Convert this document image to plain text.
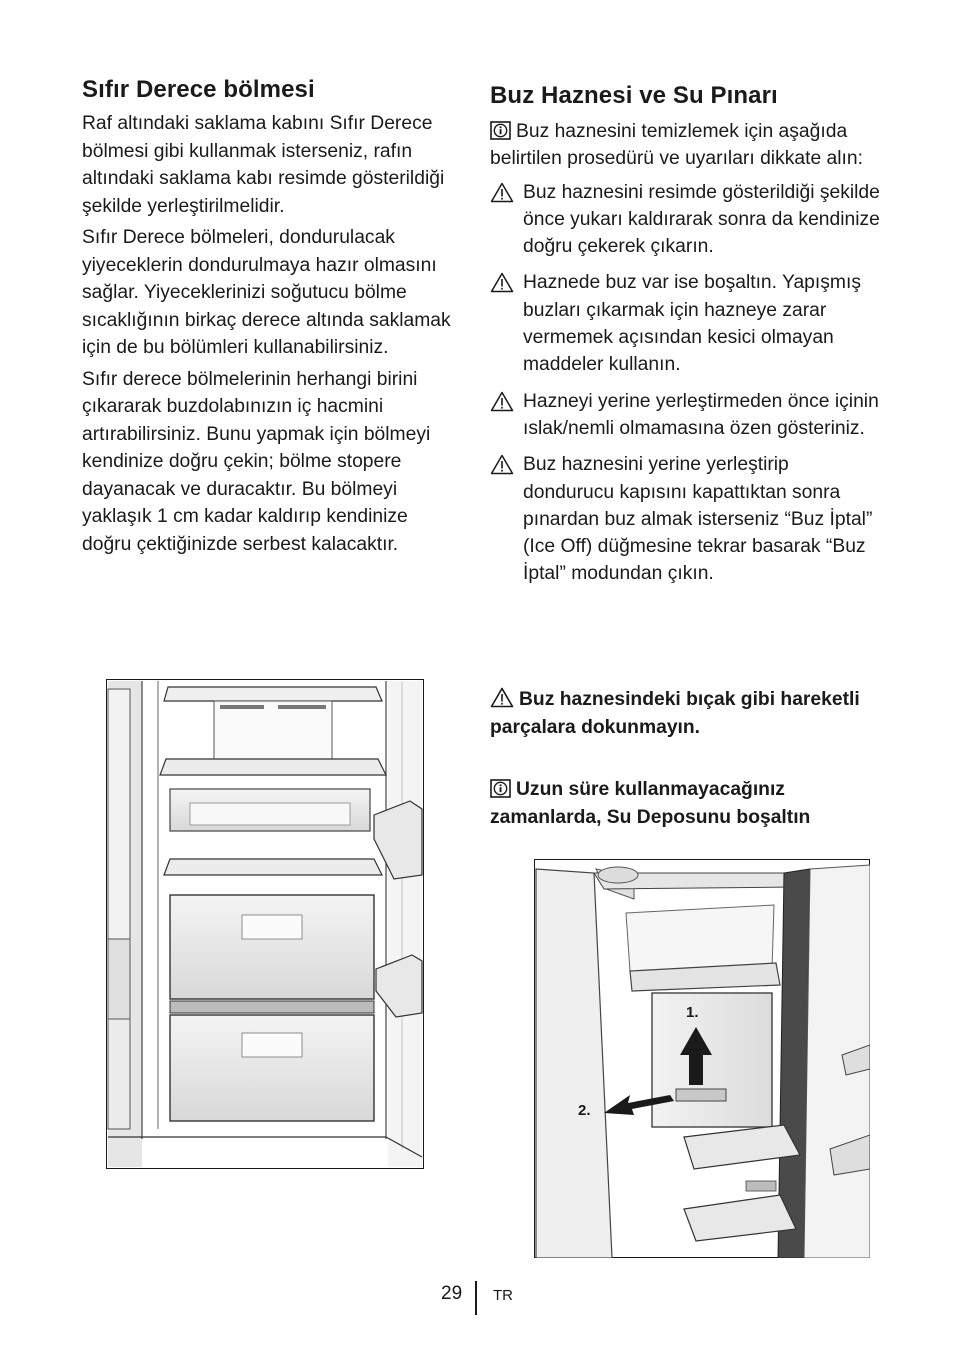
Sıfır Derece bölmesi

Raf altındaki saklama kabını Sıfır Derece bölmesi gibi kullanmak isterseniz, rafın altındaki saklama kabı resimde gösterildiği şekilde yerleştirilmelidir.

Sıfır Derece bölmeleri, dondurulacak yiyeceklerin dondurulmaya hazır olmasını sağlar. Yiyeceklerinizi soğutucu bölme sıcaklığının birkaç derece altında saklamak için de bu bölümleri kullanabilirsiniz.

Sıfır derece bölmelerinin herhangi birini çıkararak buzdolabınızın iç hacmini artırabilirsiniz. Bunu yapmak için bölmeyi kendinize doğru çekin; bölme stopere dayanacak ve duracaktır. Bu bölmeyi yaklaşık 1 cm kadar kaldırıp kendinize doğru çektiğinizde serbest kalacaktır.

Buz Haznesi ve Su Pınarı

Buz haznesini temizlemek için aşağıda belirtilen prosedürü ve uyarıları dikkate alın:

Buz haznesini resimde gösterildiği şekilde önce yukarı kaldırarak sonra da kendinize doğru çekerek çıkarın.
Haznede buz var ise boşaltın. Yapışmış buzları çıkarmak için hazneye zarar vermemek açısından kesici olmayan maddeler kullanın.
Hazneyi yerine yerleştirmeden önce içinin ıslak/nemli olmamasına özen gösteriniz.
Buz haznesini yerine yerleştirip dondurucu kapısını kapattıktan sonra pınardan buz almak isterseniz “Buz İptal” (Ice Off) düğmesine tekrar basarak “Buz İptal” modundan çıkın.
Buz haznesindeki bıçak gibi hareketli parçalara dokunmayın.
Uzun süre kullanmayacağınız zamanlarda, Su Deposunu boşaltın
1.
2.
29 TR
